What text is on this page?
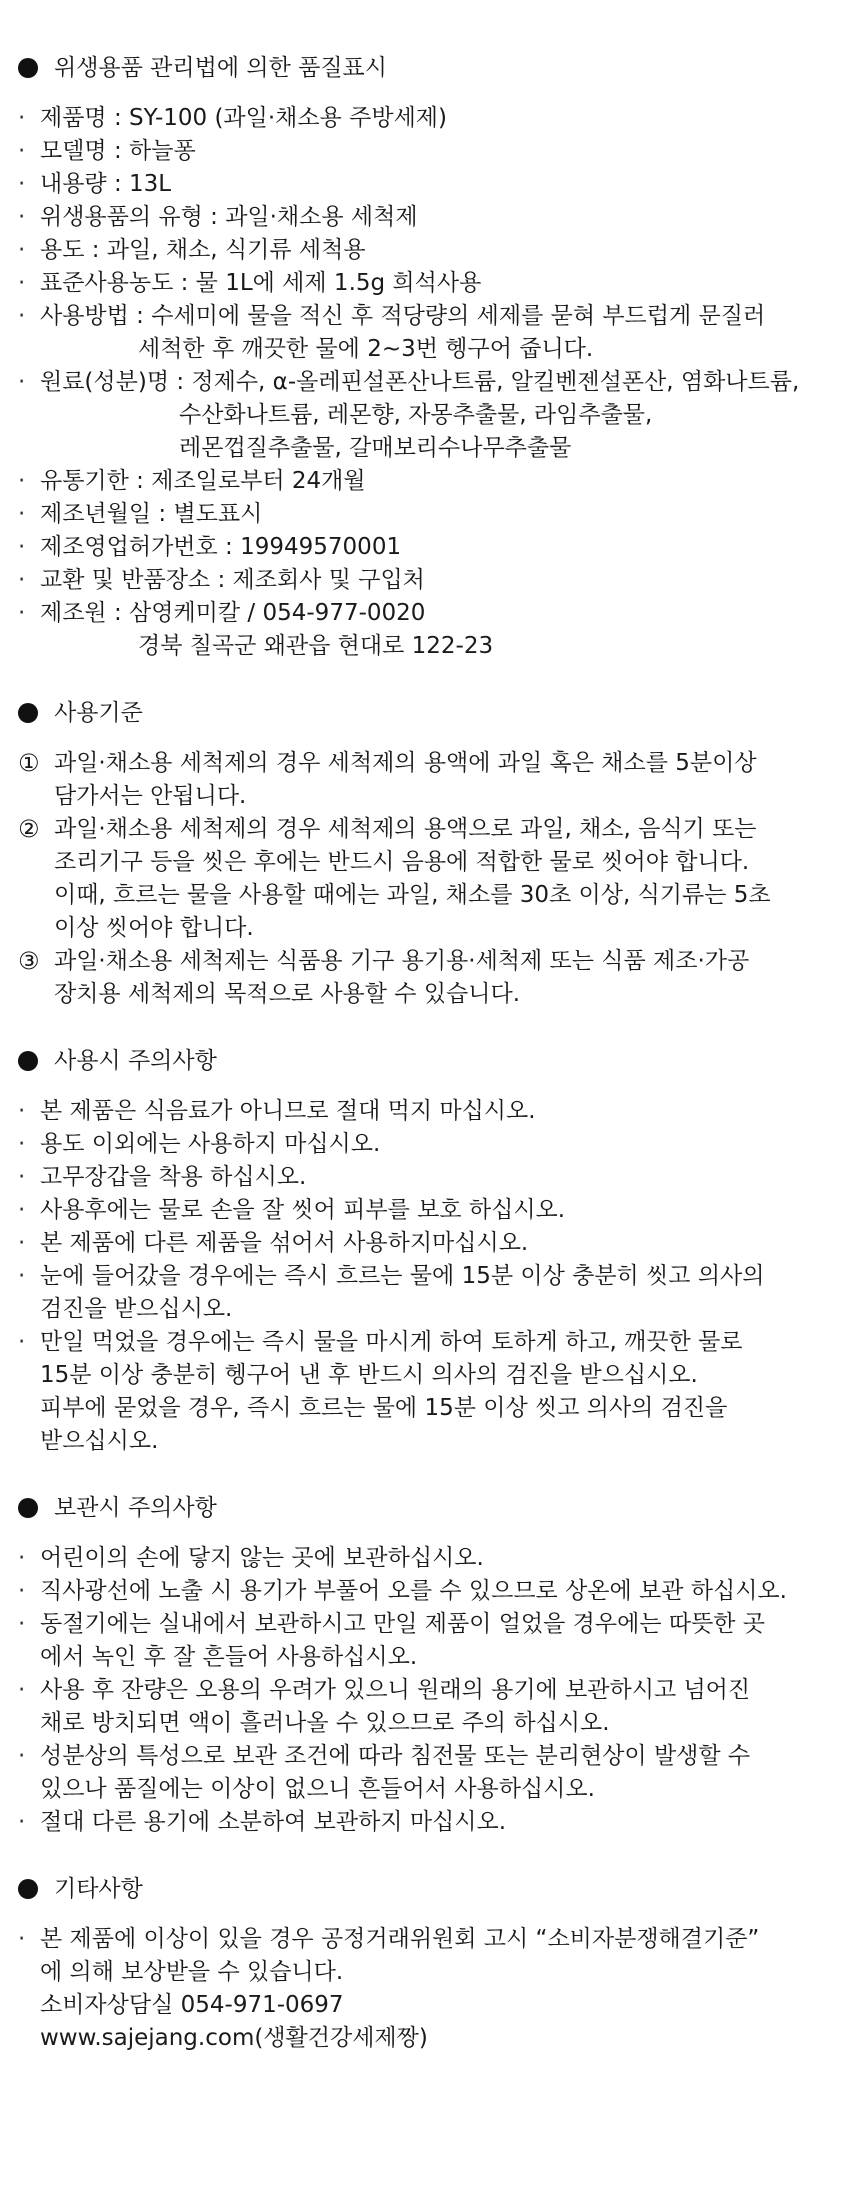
위생용품 관리법에 의한 품질표시
· 제품명 : SY-100 (과일·채소용 주방세제)
· 모델명 : 하늘퐁
· 내용량 : 13L
· 위생용품의 유형 : 과일·채소용 세척제
· 용도 : 과일, 채소, 식기류 세척용
· 표준사용농도 : 물 1L에 세제 1.5g 희석사용
· 사용방법 : 수세미에 물을 적신 후 적당량의 세제를 묻혀 부드럽게 문질러
세척한 후 깨끗한 물에 2~3번 헹구어 줍니다.
· 원료(성분)명 : 정제수, α-올레핀설폰산나트륨, 알킬벤젠설폰산, 염화나트륨,
수산화나트륨, 레몬향, 자몽추출물, 라임추출물,
레몬껍질추출물, 갈매보리수나무추출물
· 유통기한 : 제조일로부터 24개월
· 제조년월일 : 별도표시
· 제조영업허가번호 : 19949570001
· 교환 및 반품장소 : 제조회사 및 구입처
· 제조원 : 삼영케미칼 / 054-977-0020
경북 칠곡군 왜관읍 현대로 122-23
사용기준
① 과일·채소용 세척제의 경우 세척제의 용액에 과일 혹은 채소를 5분이상
담가서는 안됩니다.
② 과일·채소용 세척제의 경우 세척제의 용액으로 과일, 채소, 음식기 또는
조리기구 등을 씻은 후에는 반드시 음용에 적합한 물로 씻어야 합니다.
이때, 흐르는 물을 사용할 때에는 과일, 채소를 30초 이상, 식기류는 5초
이상 씻어야 합니다.
③ 과일·채소용 세척제는 식품용 기구 용기용·세척제 또는 식품 제조·가공
장치용 세척제의 목적으로 사용할 수 있습니다.
사용시 주의사항
· 본 제품은 식음료가 아니므로 절대 먹지 마십시오.
· 용도 이외에는 사용하지 마십시오.
· 고무장갑을 착용 하십시오.
· 사용후에는 물로 손을 잘 씻어 피부를 보호 하십시오.
· 본 제품에 다른 제품을 섞어서 사용하지마십시오.
· 눈에 들어갔을 경우에는 즉시 흐르는 물에 15분 이상 충분히 씻고 의사의
검진을 받으십시오.
· 만일 먹었을 경우에는 즉시 물을 마시게 하여 토하게 하고, 깨끗한 물로
15분 이상 충분히 헹구어 낸 후 반드시 의사의 검진을 받으십시오.
피부에 묻었을 경우, 즉시 흐르는 물에 15분 이상 씻고 의사의 검진을
받으십시오.
보관시 주의사항
· 어린이의 손에 닿지 않는 곳에 보관하십시오.
· 직사광선에 노출 시 용기가 부풀어 오를 수 있으므로 상온에 보관 하십시오.
· 동절기에는 실내에서 보관하시고 만일 제품이 얼었을 경우에는 따뜻한 곳
에서 녹인 후 잘 흔들어 사용하십시오.
· 사용 후 잔량은 오용의 우려가 있으니 원래의 용기에 보관하시고 넘어진
채로 방치되면 액이 흘러나올 수 있으므로 주의 하십시오.
· 성분상의 특성으로 보관 조건에 따라 침전물 또는 분리현상이 발생할 수
있으나 품질에는 이상이 없으니 흔들어서 사용하십시오.
· 절대 다른 용기에 소분하여 보관하지 마십시오.
기타사항
· 본 제품에 이상이 있을 경우 공정거래위원회 고시 “소비자분쟁해결기준”
에 의해 보상받을 수 있습니다.
소비자상담실 054-971-0697
www.sajejang.com(생활건강세제짱)
